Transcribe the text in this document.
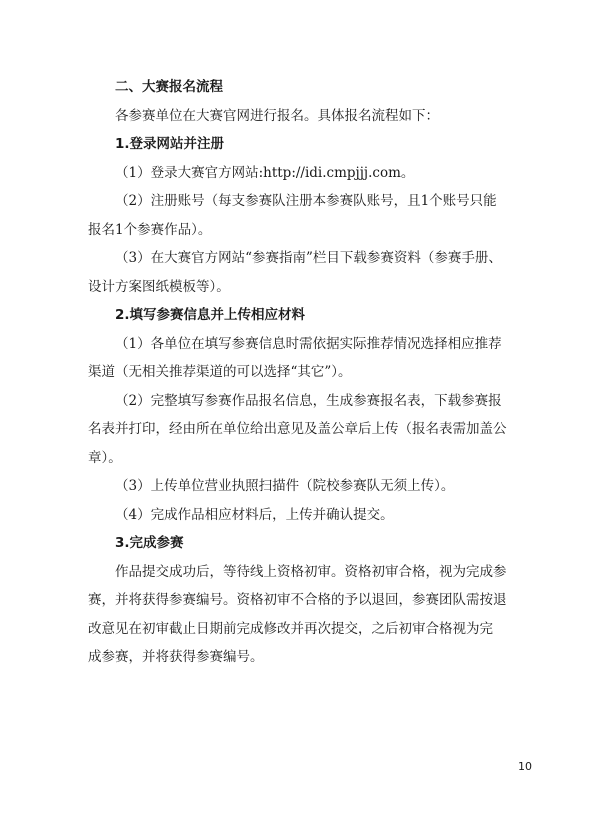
二、大赛报名流程
各参赛单位在大赛官网进行报名。具体报名流程如下：
1.登录网站并注册
（1）登录大赛官方网站:http://idi.cmpjjj.com。
（2）注册账号（每支参赛队注册本参赛队账号，且1个账号只能
报名1个参赛作品）。
（3）在大赛官方网站“参赛指南”栏目下载参赛资料（参赛手册、
设计方案图纸模板等）。
2.填写参赛信息并上传相应材料
（1）各单位在填写参赛信息时需依据实际推荐情况选择相应推荐
渠道（无相关推荐渠道的可以选择“其它”）。
（2）完整填写参赛作品报名信息，生成参赛报名表，下载参赛报
名表并打印，经由所在单位给出意见及盖公章后上传（报名表需加盖公
章）。
（3）上传单位营业执照扫描件（院校参赛队无须上传）。
（4）完成作品相应材料后，上传并确认提交。
3.完成参赛
作品提交成功后，等待线上资格初审。资格初审合格，视为完成参
赛，并将获得参赛编号。资格初审不合格的予以退回，参赛团队需按退
改意见在初审截止日期前完成修改并再次提交，之后初审合格视为完
成参赛，并将获得参赛编号。
10
